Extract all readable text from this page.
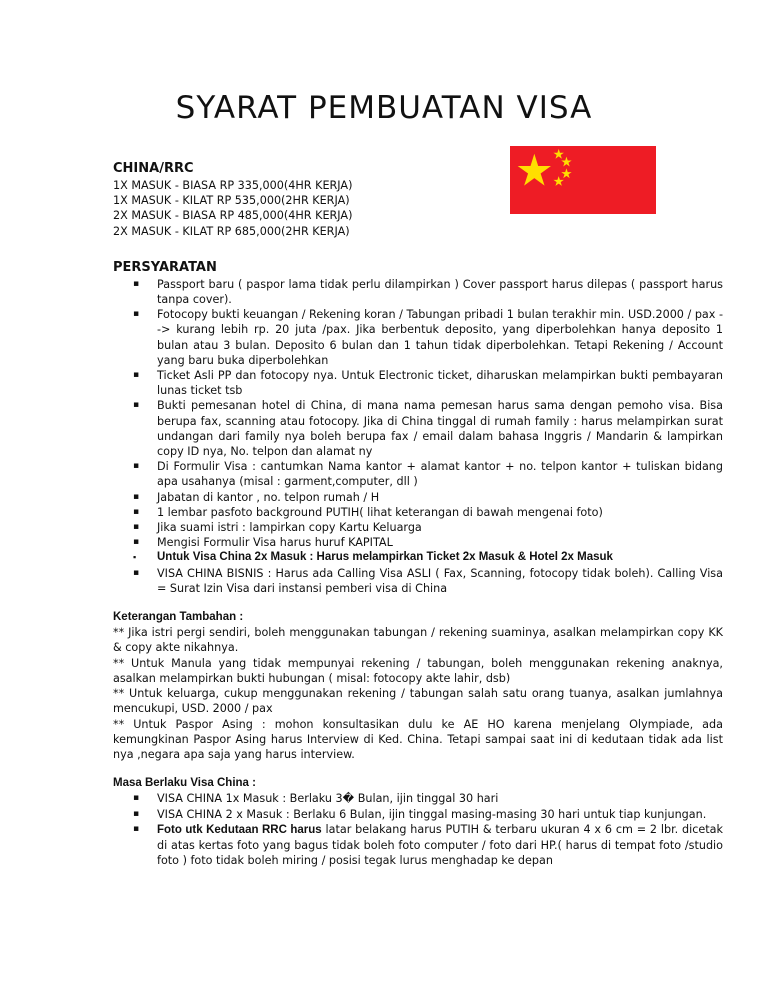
SYARAT PEMBUATAN VISA
CHINA/RRC
1X MASUK - BIASA RP 335,000(4HR KERJA)
1X MASUK - KILAT RP 535,000(2HR KERJA)
2X MASUK - BIASA RP 485,000(4HR KERJA)
2X MASUK - KILAT RP 685,000(2HR KERJA)
PERSYARATAN
▪ Passport baru ( paspor lama tidak perlu dilampirkan ) Cover passport harus dilepas ( passport harus tanpa cover).
▪ Fotocopy bukti keuangan / Rekening koran / Tabungan pribadi 1 bulan terakhir min. USD.2000 / pax --> kurang lebih rp. 20 juta /pax. Jika berbentuk deposito, yang diperbolehkan hanya deposito 1 bulan atau 3 bulan. Deposito 6 bulan dan 1 tahun tidak diperbolehkan. Tetapi Rekening / Account yang baru buka diperbolehkan
▪ Ticket Asli PP dan fotocopy nya. Untuk Electronic ticket, diharuskan melampirkan bukti pembayaran lunas ticket tsb
▪ Bukti pemesanan hotel di China, di mana nama pemesan harus sama dengan pemoho visa. Bisa berupa fax, scanning atau fotocopy. Jika di China tinggal di rumah family : harus melampirkan surat undangan dari family nya boleh berupa fax / email dalam bahasa Inggris / Mandarin & lampirkan copy ID nya, No. telpon dan alamat ny
▪ Di Formulir Visa : cantumkan Nama kantor + alamat kantor + no. telpon kantor + tuliskan bidang apa usahanya (misal : garment,computer, dll )
▪ Jabatan di kantor , no. telpon rumah / H
▪ 1 lembar pasfoto background PUTIH( lihat keterangan di bawah mengenai foto)
▪ Jika suami istri : lampirkan copy Kartu Keluarga
▪ Mengisi Formulir Visa harus huruf KAPITAL
▪ Untuk Visa China 2x Masuk : Harus melampirkan Ticket 2x Masuk & Hotel 2x Masuk
▪ VISA CHINA BISNIS : Harus ada Calling Visa ASLI ( Fax, Scanning, fotocopy tidak boleh). Calling Visa = Surat Izin Visa dari instansi pemberi visa di China
Keterangan Tambahan :

** Jika istri pergi sendiri, boleh menggunakan tabungan / rekening suaminya, asalkan melampirkan copy KK & copy akte nikahnya.

** Untuk Manula yang tidak mempunyai rekening / tabungan, boleh menggunakan rekening anaknya, asalkan melampirkan bukti hubungan ( misal: fotocopy akte lahir, dsb)

** Untuk keluarga, cukup menggunakan rekening / tabungan salah satu orang tuanya, asalkan jumlahnya mencukupi, USD. 2000 / pax

** Untuk Paspor Asing : mohon konsultasikan dulu ke AE HO karena menjelang Olympiade, ada kemungkinan Paspor Asing harus Interview di Ked. China. Tetapi sampai saat ini di kedutaan tidak ada list nya ,negara apa saja yang harus interview.

Masa Berlaku Visa China :
▪ VISA CHINA 1x Masuk : Berlaku 3� Bulan, ijin tinggal 30 hari
▪ VISA CHINA 2 x Masuk : Berlaku 6 Bulan, ijin tinggal masing-masing 30 hari untuk tiap kunjungan.
▪ Foto utk Kedutaan RRC harus latar belakang harus PUTIH & terbaru ukuran 4 x 6 cm = 2 lbr. dicetak di atas kertas foto yang bagus tidak boleh foto computer / foto dari HP.( harus di tempat foto /studio foto ) foto tidak boleh miring / posisi tegak lurus menghadap ke depan
